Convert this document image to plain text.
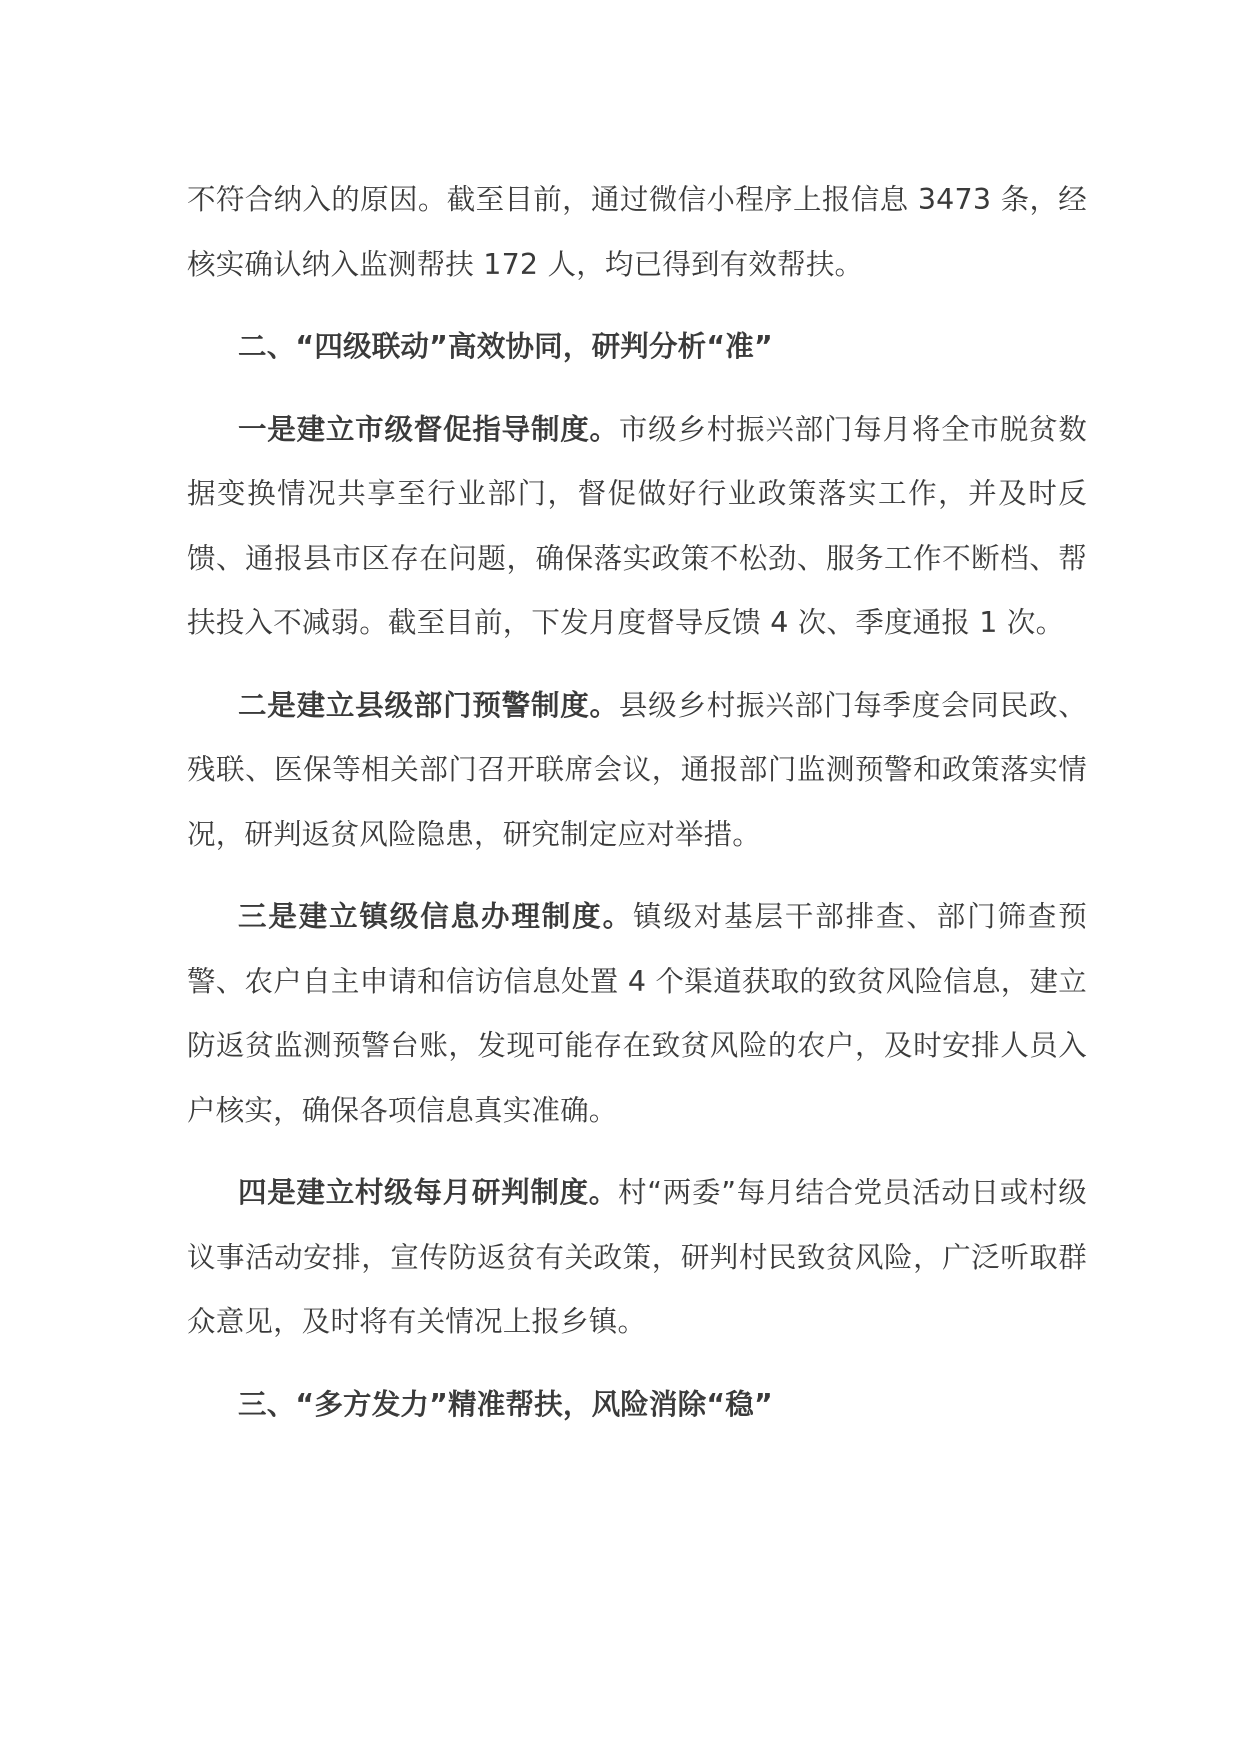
不符合纳入的原因。截至目前，通过微信小程序上报信息 3473 条，经核实确认纳入监测帮扶 172 人，均已得到有效帮扶。

二、“四级联动”高效协同，研判分析“准”

一是建立市级督促指导制度。市级乡村振兴部门每月将全市脱贫数据变换情况共享至行业部门，督促做好行业政策落实工作，并及时反馈、通报县市区存在问题，确保落实政策不松劲、服务工作不断档、帮扶投入不减弱。截至目前，下发月度督导反馈 4 次、季度通报 1 次。

二是建立县级部门预警制度。县级乡村振兴部门每季度会同民政、残联、医保等相关部门召开联席会议，通报部门监测预警和政策落实情况，研判返贫风险隐患，研究制定应对举措。

三是建立镇级信息办理制度。镇级对基层干部排查、部门筛查预警、农户自主申请和信访信息处置 4 个渠道获取的致贫风险信息，建立防返贫监测预警台账，发现可能存在致贫风险的农户，及时安排人员入户核实，确保各项信息真实准确。

四是建立村级每月研判制度。村“两委”每月结合党员活动日或村级议事活动安排，宣传防返贫有关政策，研判村民致贫风险，广泛听取群众意见，及时将有关情况上报乡镇。

三、“多方发力”精准帮扶，风险消除“稳”
